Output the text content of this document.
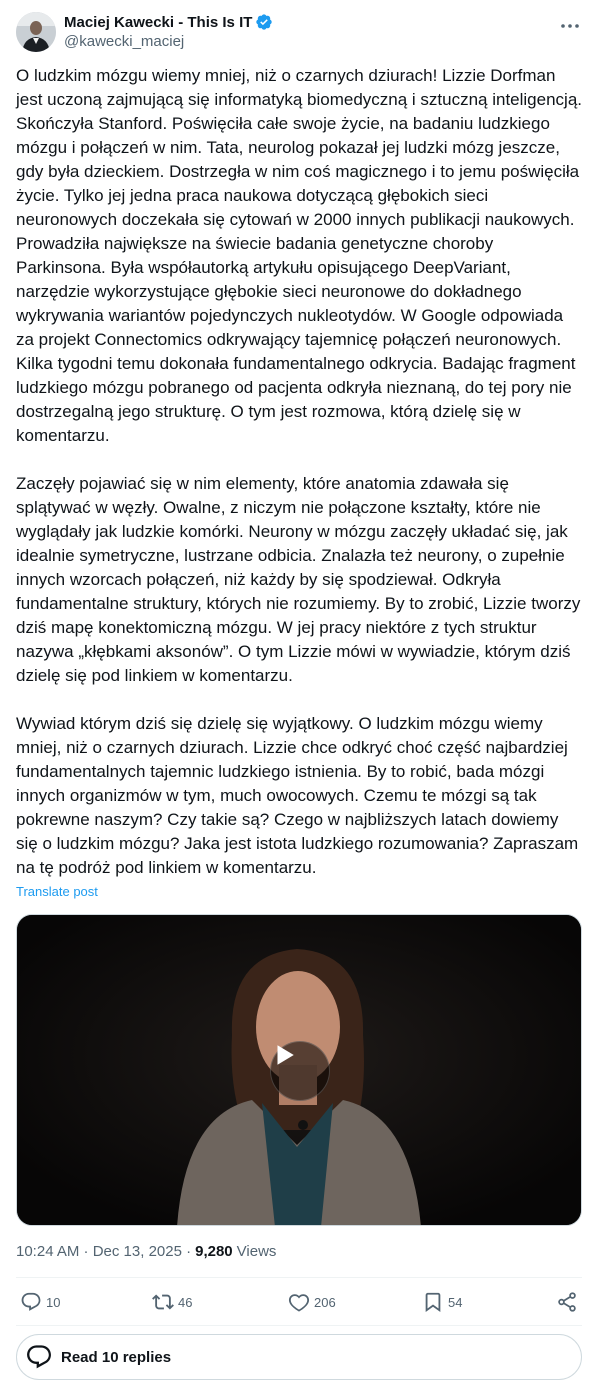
Maciej Kawecki - This Is IT
@kawecki_maciej
O ludzkim mózgu wiemy mniej, niż o czarnych dziurach! Lizzie Dorfman jest uczoną zajmującą się informatyką biomedyczną i sztuczną inteligencją. Skończyła Stanford. Poświęciła całe swoje życie, na badaniu ludzkiego mózgu i połączeń w nim. Tata, neurolog pokazał jej ludzki mózg jeszcze, gdy była dzieckiem. Dostrzegła w nim coś magicznego i to jemu poświęciła życie. Tylko jej jedna praca naukowa dotyczącą głębokich sieci neuronowych doczekała się cytowań w 2000 innych publikacji naukowych. Prowadziła największe na świecie badania genetyczne choroby Parkinsona. Była współautorką artykułu opisującego DeepVariant, narzędzie wykorzystujące głębokie sieci neuronowe do dokładnego wykrywania wariantów pojedynczych nukleotydów. W Google odpowiada za projekt Connectomics odkrywający tajemnicę połączeń neuronowych. Kilka tygodni temu dokonała fundamentalnego odkrycia. Badając fragment ludzkiego mózgu pobranego od pacjenta odkryła nieznaną, do tej pory nie dostrzegalną jego strukturę. O tym jest rozmowa, którą dzielę się w komentarzu.

Zaczęły pojawiać się w nim elementy, które anatomia zdawała się splątywać w węzły. Owalne, z niczym nie połączone kształty, które nie wyglądały jak ludzkie komórki. Neurony w mózgu zaczęły układać się, jak idealnie symetryczne, lustrzane odbicia. Znalazła też neurony, o zupełnie innych wzorcach połączeń, niż każdy by się spodziewał. Odkryła fundamentalne struktury, których nie rozumiemy. By to zrobić, Lizzie tworzy dziś mapę konektomiczną mózgu. W jej pracy niektóre z tych struktur nazywa „kłębkami aksonów”. O tym Lizzie mówi w wywiadzie, którym dziś dzielę się pod linkiem w komentarzu.

Wywiad którym dziś się dzielę się wyjątkowy. O ludzkim mózgu wiemy mniej, niż o czarnych dziurach. Lizzie chce odkryć choć część najbardziej fundamentalnych tajemnic ludzkiego istnienia. By to robić, bada mózgi innych organizmów w tym, much owocowych. Czemu te mózgi są tak pokrewne naszym? Czy takie są? Czego w najbliższych latach dowiemy się o ludzkim mózgu? Jaka jest istota ludzkiego rozumowania? Zapraszam na tę podróż pod linkiem w komentarzu.
Translate post
10:24 AM · Dec 13, 2025 · 9,280 Views
10	46	206	54
Read 10 replies
